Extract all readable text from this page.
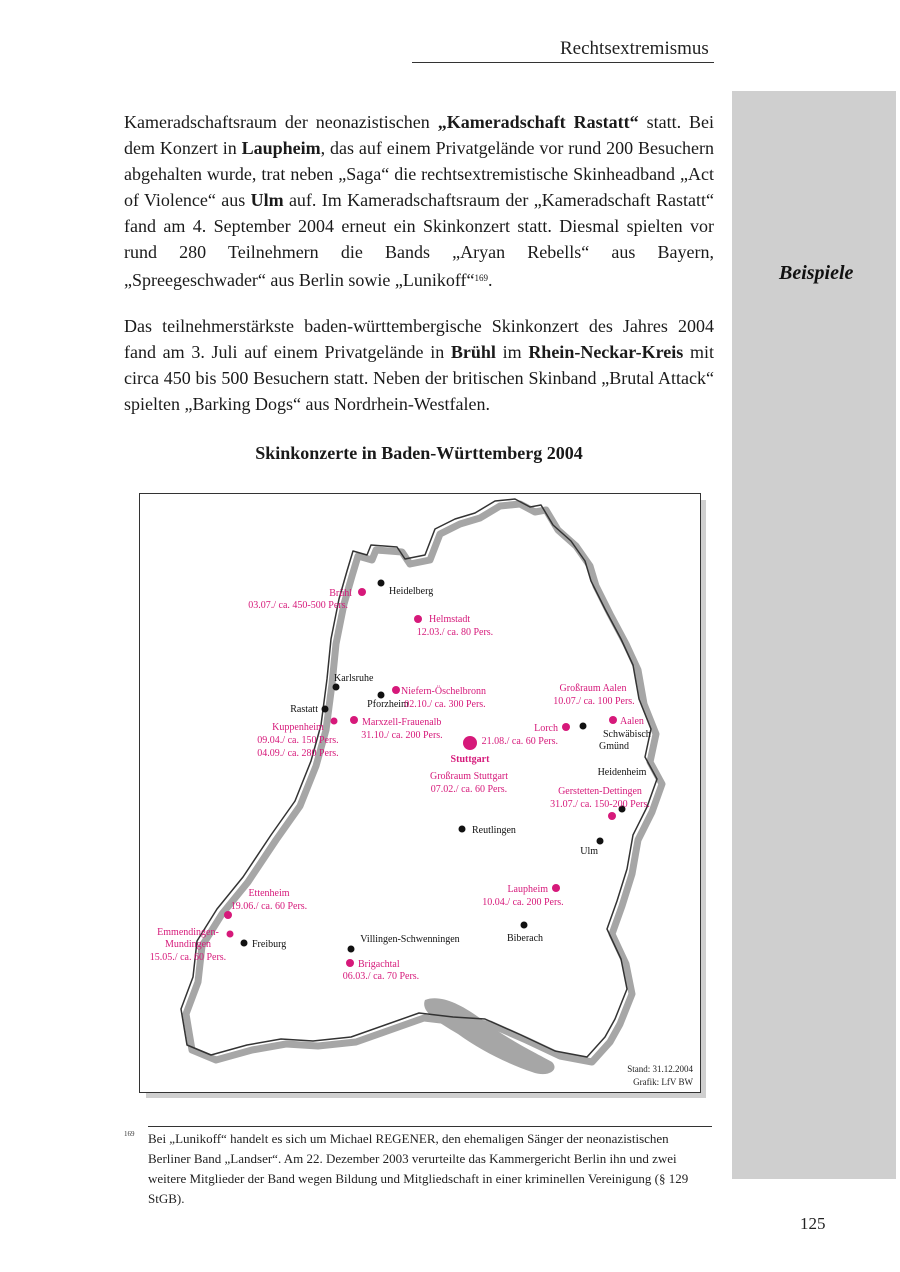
Rechtsextremismus
Beispiele

Kameradschaftsraum der neonazistischen „Kameradschaft Rastatt“ statt. Bei dem Konzert in Laupheim, das auf einem Privatgelände vor rund 200 Besuchern abgehalten wurde, trat neben „Saga“ die rechtsextremistische Skinheadband „Act of Violence“ aus Ulm auf. Im Kameradschaftsraum der „Kameradschaft Rastatt“ fand am 4. September 2004 erneut ein Skinkonzert statt. Diesmal spielten vor rund 280 Teilnehmern die Bands „Aryan Rebells“ aus Bayern, „Spreegeschwader“ aus Berlin sowie „Lunikoff“$^{169}$.

Das teilnehmerstärkste baden-württembergische Skinkonzert des Jahres 2004 fand am 3. Juli auf einem Privatgelände in Brühl im Rhein-Neckar-Kreis mit circa 450 bis 500 Besuchern statt. Neben der britischen Skinband „Brutal Attack“ spielten „Barking Dogs“ aus Nordrhein-Westfalen.

Skinkonzerte in Baden-Württemberg 2004
Heidelberg
Karlsruhe
Pforzheim
Rastatt
Heidenheim
Reutlingen
Ulm
Biberach
Villingen-Schwenningen
Freiburg
Schwäbisch
Gmünd
Brühl
03.07./ ca. 450-500 Pers.
Helmstadt
12.03./ ca. 80 Pers.
Niefern-Öschelbronn
02.10./ ca. 300 Pers.
Marxzell-Frauenalb
31.10./ ca. 200 Pers.
Großraum Aalen
10.07./ ca. 100 Pers.
Aalen
Lorch
21.08./ ca. 60 Pers.
Großraum Stuttgart
07.02./ ca. 60 Pers.	Gerstetten-Dettingen
31.07./ ca. 150-200 Pers.
Laupheim
10.04./ ca. 200 Pers.
Ettenheim
19.06./ ca. 60 Pers.
Brigachtal
06.03./ ca. 70 Pers.
Kuppenheim
09.04./ ca. 150 Pers.
04.09./ ca. 280 Pers.
Emmendingen-
Mundingen
15.05./ ca. 60 Pers.
Stuttgart
Stand: 31.12.2004
Grafik: LfV BW
169 Bei „Lunikoff“ handelt es sich um Michael REGENER, den ehemaligen Sänger der neonazistischen Berliner Band „Landser“. Am 22. Dezember 2003 verurteilte das Kammergericht Berlin ihn und zwei weitere Mitglieder der Band wegen Bildung und Mitgliedschaft in einer kriminellen Vereinigung (§ 129 StGB).

125
